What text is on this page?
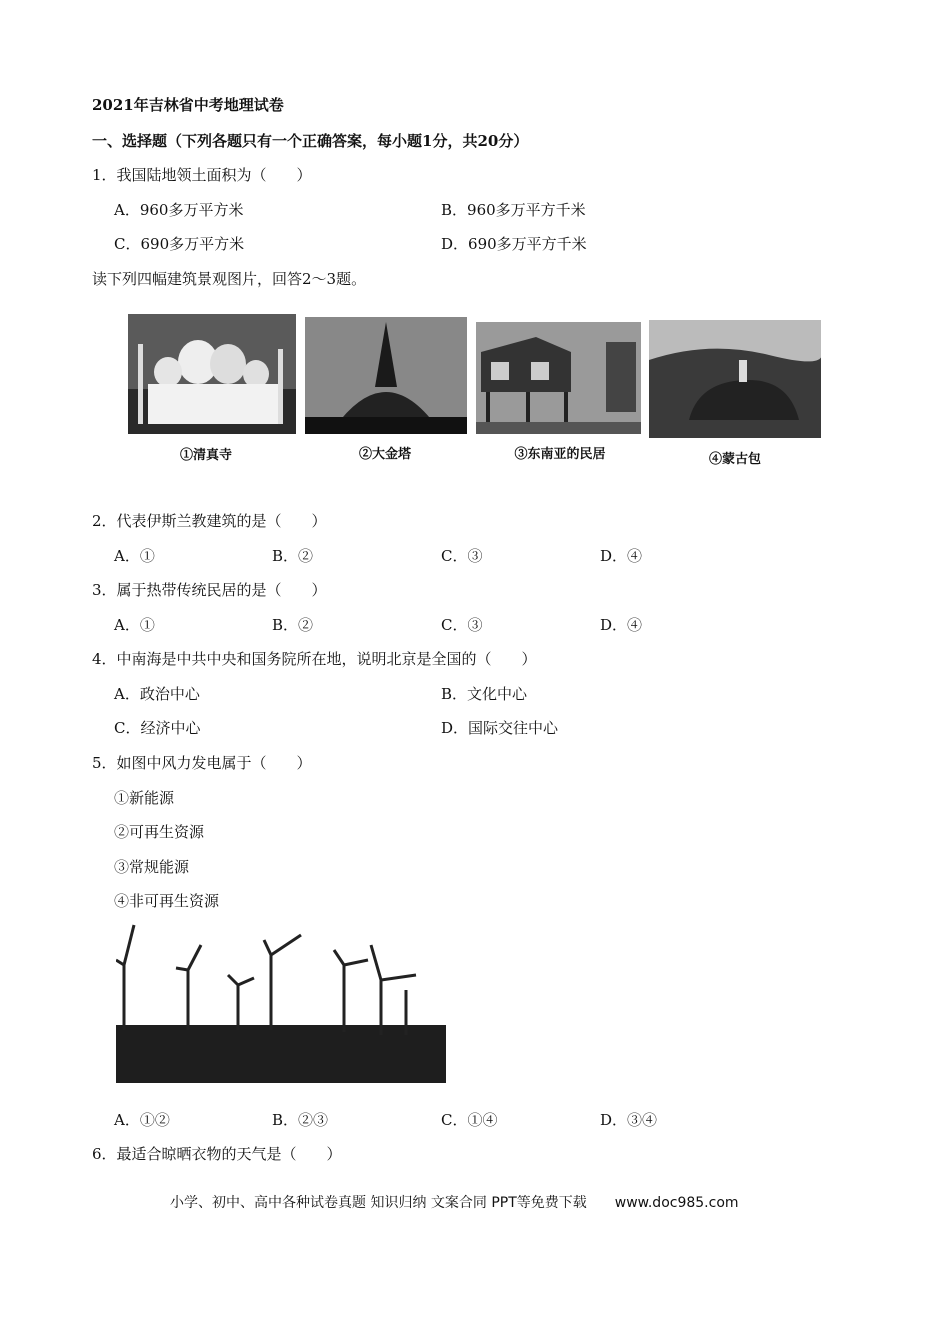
2021年吉林省中考地理试卷
一、选择题（下列各题只有一个正确答案，每小题1分，共20分）
1．我国陆地领土面积为（　　）
A．960多万平方米	B．960多万平方千米
C．690多万平方米	D．690多万平方千米
读下列四幅建筑景观图片，回答2～3题。
①清真寺	②大金塔	③东南亚的民居	④蒙古包
2．代表伊斯兰教建筑的是（　　）
A．①	B．②	C．③	D．④
3．属于热带传统民居的是（　　）
A．①	B．②	C．③	D．④
4．中南海是中共中央和国务院所在地，说明北京是全国的（　　）
A．政治中心	B．文化中心
C．经济中心	D．国际交往中心
5．如图中风力发电属于（　　）
①新能源
②可再生资源
③常规能源
④非可再生资源
A．①②	B．②③	C．①④	D．③④
6．最适合晾晒衣物的天气是（　　）
小学、初中、高中各种试卷真题 知识归纳 文案合同 PPT等免费下载　　www.doc985.com
